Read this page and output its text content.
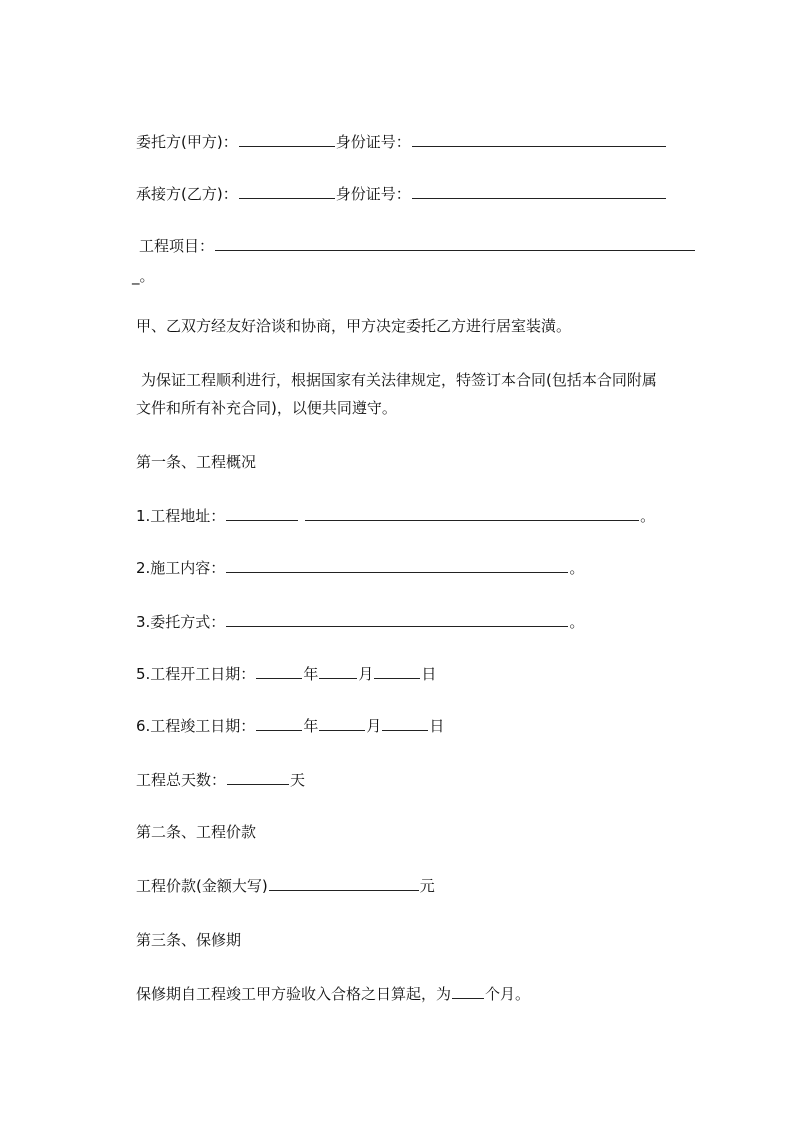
委托方(甲方)：	身份证号：
承接方(乙方)：	身份证号：
工程项目：
_。
甲、乙双方经友好洽谈和协商，甲方决定委托乙方进行居室装潢。
为保证工程顺利进行，根据国家有关法律规定，特签订本合同(包括本合同附属
文件和所有补充合同)，以便共同遵守。
第一条、工程概况
1.工程地址：	。
2.施工内容：	。
3.委托方式：	。
5.工程开工日期：	年	月	日
6.工程竣工日期：	年	月	日
工程总天数：	天
第二条、工程价款
工程价款(金额大写)	元
第三条、保修期
保修期自工程竣工甲方验收入合格之日算起，为 个月。
